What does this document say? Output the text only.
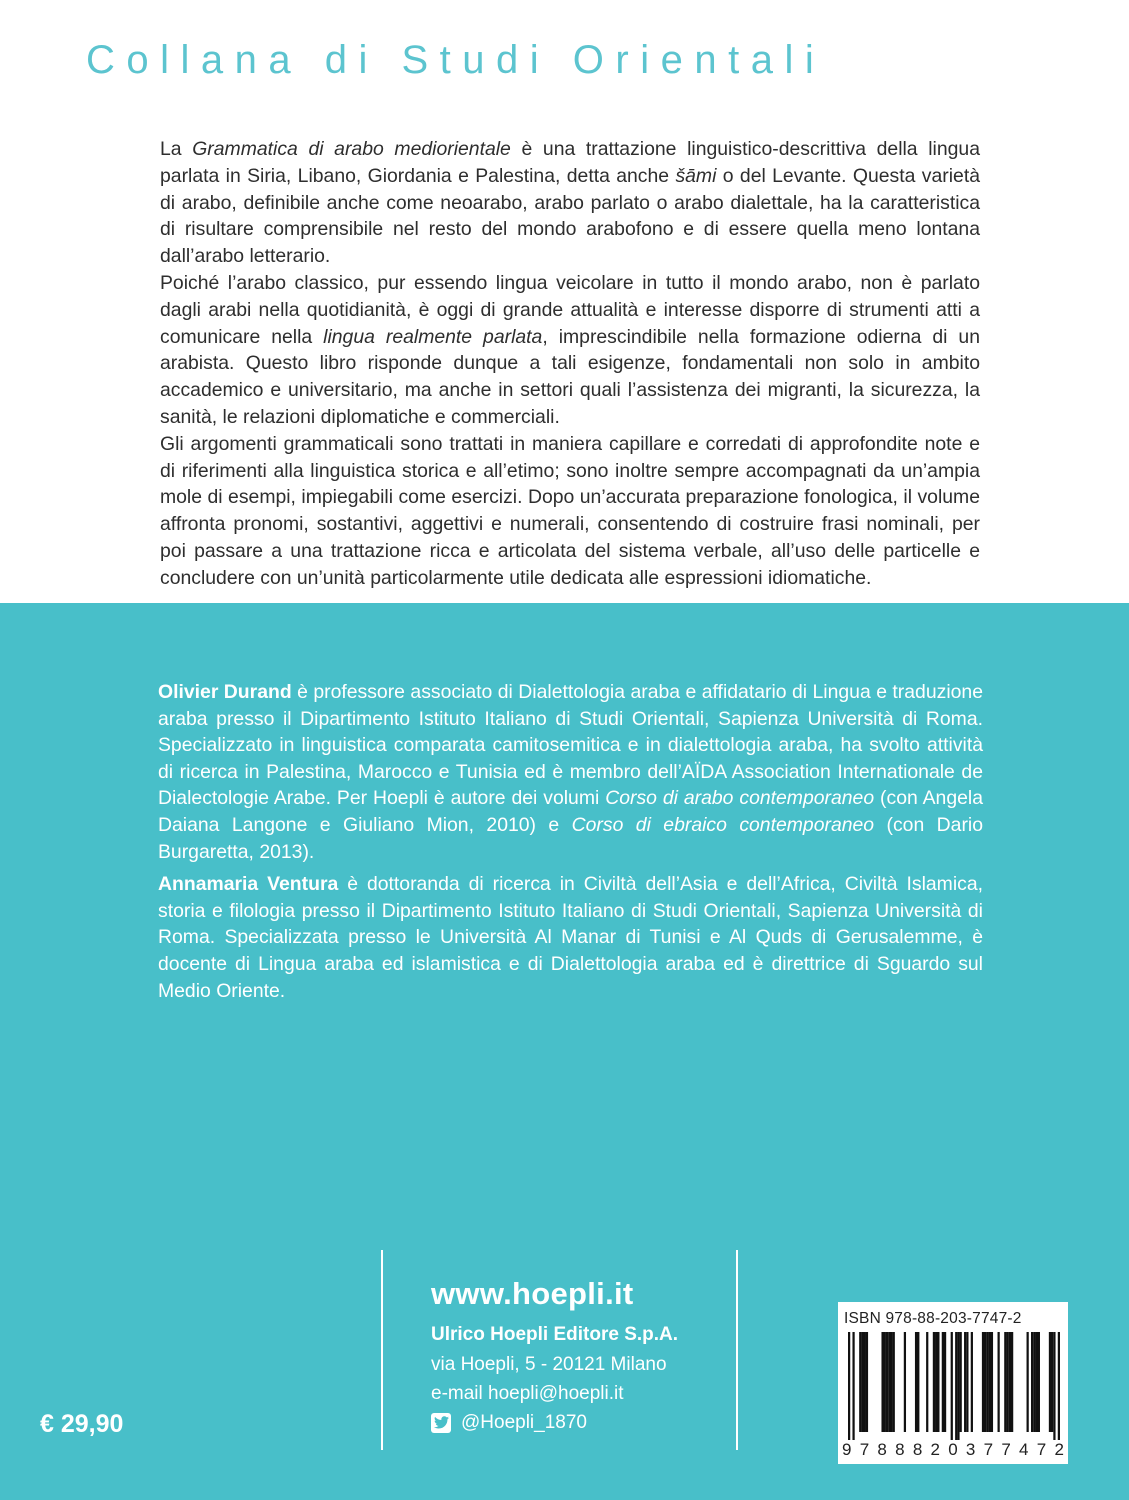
Collana di Studi Orientali

La Grammatica di arabo mediorientale è una trattazione linguistico-descrittiva della lingua parlata in Siria, Libano, Giordania e Palestina, detta anche šāmi o del Levante. Questa varietà di arabo, definibile anche come neoarabo, arabo parlato o arabo dialettale, ha la caratteristica di risultare comprensibile nel resto del mondo arabofono e di essere quella meno lontana dall’arabo letterario.

Poiché l’arabo classico, pur essendo lingua veicolare in tutto il mondo arabo, non è parlato dagli arabi nella quotidianità, è oggi di grande attualità e interesse disporre di strumenti atti a comunicare nella lingua realmente parlata, imprescindibile nella formazione odierna di un arabista. Questo libro risponde dunque a tali esigenze, fondamentali non solo in ambito accademico e universitario, ma anche in settori quali l’assistenza dei migranti, la sicurezza, la sanità, le relazioni diplomatiche e commerciali.

Gli argomenti grammaticali sono trattati in maniera capillare e corredati di approfondite note e di riferimenti alla linguistica storica e all’etimo; sono inoltre sempre accompagnati da un’ampia mole di esempi, impiegabili come esercizi. Dopo un’accurata preparazione fonologica, il volume affronta pronomi, sostantivi, aggettivi e numerali, consentendo di costruire frasi nominali, per poi passare a una trattazione ricca e articolata del sistema verbale, all’uso delle particelle e concludere con un’unità particolarmente utile dedicata alle espressioni idiomatiche.

Olivier Durand è professore associato di Dialettologia araba e affidatario di Lingua e traduzione araba presso il Dipartimento Istituto Italiano di Studi Orientali, Sapienza Università di Roma. Specializzato in linguistica comparata camitosemitica e in dialettologia araba, ha svolto attività di ricerca in Palestina, Marocco e Tunisia ed è membro dell’AÏDA Association Internationale de Dialectologie Arabe. Per Hoepli è autore dei volumi Corso di arabo contemporaneo (con Angela Daiana Langone e Giuliano Mion, 2010) e Corso di ebraico contemporaneo (con Dario Burgaretta, 2013).

Annamaria Ventura è dottoranda di ricerca in Civiltà dell’Asia e dell’Africa, Civiltà Islamica, storia e filologia presso il Dipartimento Istituto Italiano di Studi Orientali, Sapienza Università di Roma. Specializzata presso le Università Al Manar di Tunisi e Al Quds di Gerusalemme, è docente di Lingua araba ed islamistica e di Dialettologia araba ed è direttrice di Sguardo sul Medio Oriente.

www.hoepli.it
Ulrico Hoepli Editore S.p.A.
via Hoepli, 5 - 20121 Milano
e-mail hoepli@hoepli.it
@Hoepli_1870
€ 29,90
ISBN 978-88-203-7747-2
9 7 8 8 8 2 0 3 7 7 4 7 2
